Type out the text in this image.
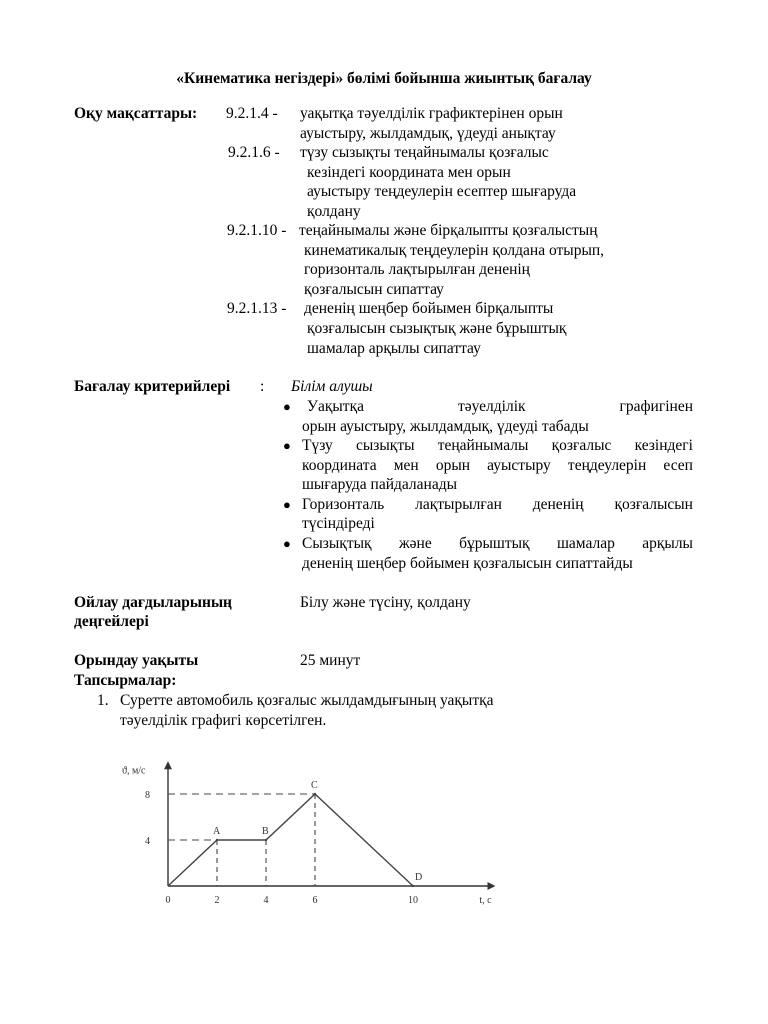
«Кинематика негіздері» бөлімі бойынша жиынтық бағалау
Оқу мақсаттары: 9.2.1.4 - уақытқа тәуелділік графиктерінен орын
ауыстыру, жылдамдық, үдеуді анықтау
9.2.1.6 - түзу сызықты теңайнымалы қозғалыс
кезіндегі координата мен орын
ауыстыру теңдеулерін есептер шығаруда
қолдану
9.2.1.10 - теңайнымалы және бірқалыпты қозғалыстың
кинематикалық теңдеулерін қолдана отырып,
горизонталь лақтырылған дененің
қозғалысын сипаттау
9.2.1.13 - дененің шеңбер бойымен бірқалыпты
қозғалысын сызықтық және бұрыштық
шамалар арқылы сипаттау
Бағалау критерийлері : Білім алушы
● Уақытқа	тәуелділік	графигінен
орын ауыстыру, жылдамдық, үдеуді табады
● Түзу сызықты теңайнымалы қозғалыс кезіндегі
координата мен орын ауыстыру теңдеулерін есеп
шығаруда пайдаланады
● Горизонталь лақтырылған дененің қозғалысын
түсіндіреді
● Сызықтық және бұрыштық шамалар арқылы
дененің шеңбер бойымен қозғалысын сипаттайды
Ойлау дағдыларының
деңгейлері
Білу және түсіну, қолдану
Орындау уақыты	25 минут
Тапсырмалар:
1. Суретте автомобиль қозғалыс жылдамдығының уақытқа
тәуелділік графигі көрсетілген.
ϑ, м/с
t, c
0	2	4	6	10
4
8
A	B
C
D
